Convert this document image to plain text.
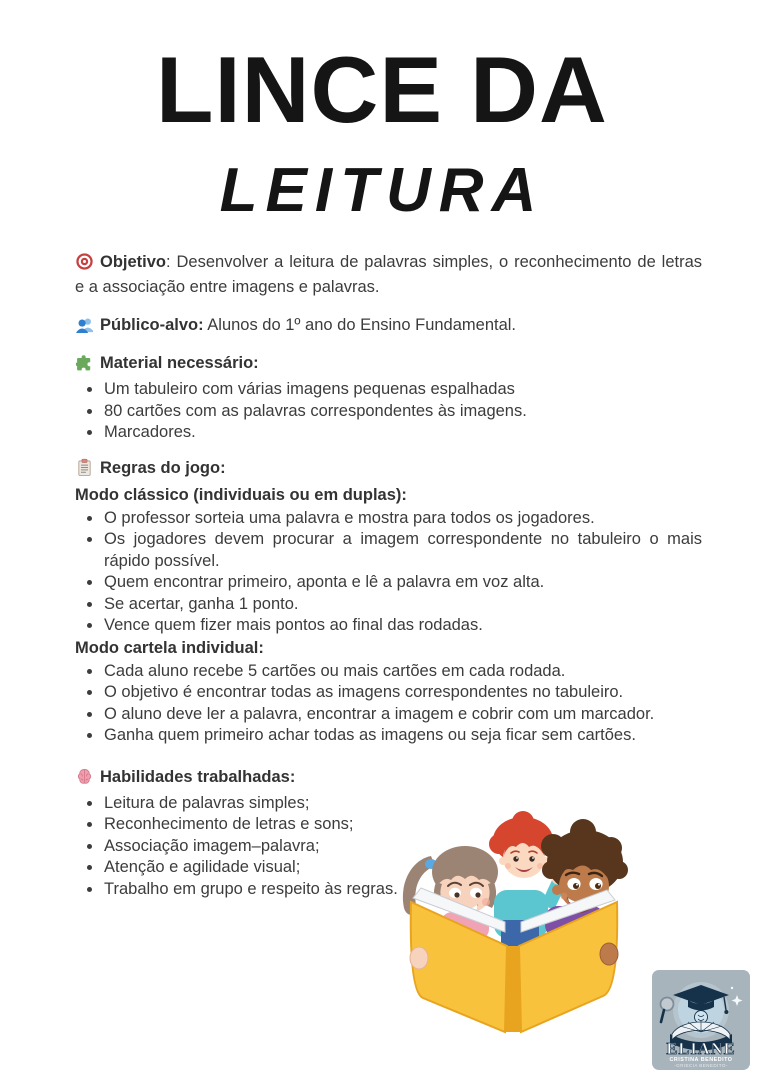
LINCE DA
LEITURA

Objetivo: Desenvolver a leitura de palavras simples, o reconhecimento de letras e a associação entre imagens e palavras.

Público-alvo: Alunos do 1º ano do Ensino Fundamental.

Material necessário:

• Um tabuleiro com várias imagens pequenas espalhadas
• 80 cartões com as palavras correspondentes às imagens.
• Marcadores.

Regras do jogo:

Modo clássico (individuais ou em duplas):

• O professor sorteia uma palavra e mostra para todos os jogadores.
• Os jogadores devem procurar a imagem correspondente no tabuleiro o mais rápido possível.
• Quem encontrar primeiro, aponta e lê a palavra em voz alta.
• Se acertar, ganha 1 ponto.
• Vence quem fizer mais pontos ao final das rodadas.

Modo cartela individual:

• Cada aluno recebe 5 cartões ou mais cartões em cada rodada.
• O objetivo é encontrar todas as imagens correspondentes no tabuleiro.
• O aluno deve ler a palavra, encontrar a imagem e cobrir com um marcador.
• Ganha quem primeiro achar todas as imagens ou seja ficar sem cartões.

Habilidades trabalhadas:

• Leitura de palavras simples;
• Reconhecimento de letras e sons;
• Associação imagem–palavra;
• Atenção e agilidade visual;
• Trabalho em grupo e respeito às regras.
ELIANE
CRISTINA BENEDITO
-GRIECIA BENEDITO-
